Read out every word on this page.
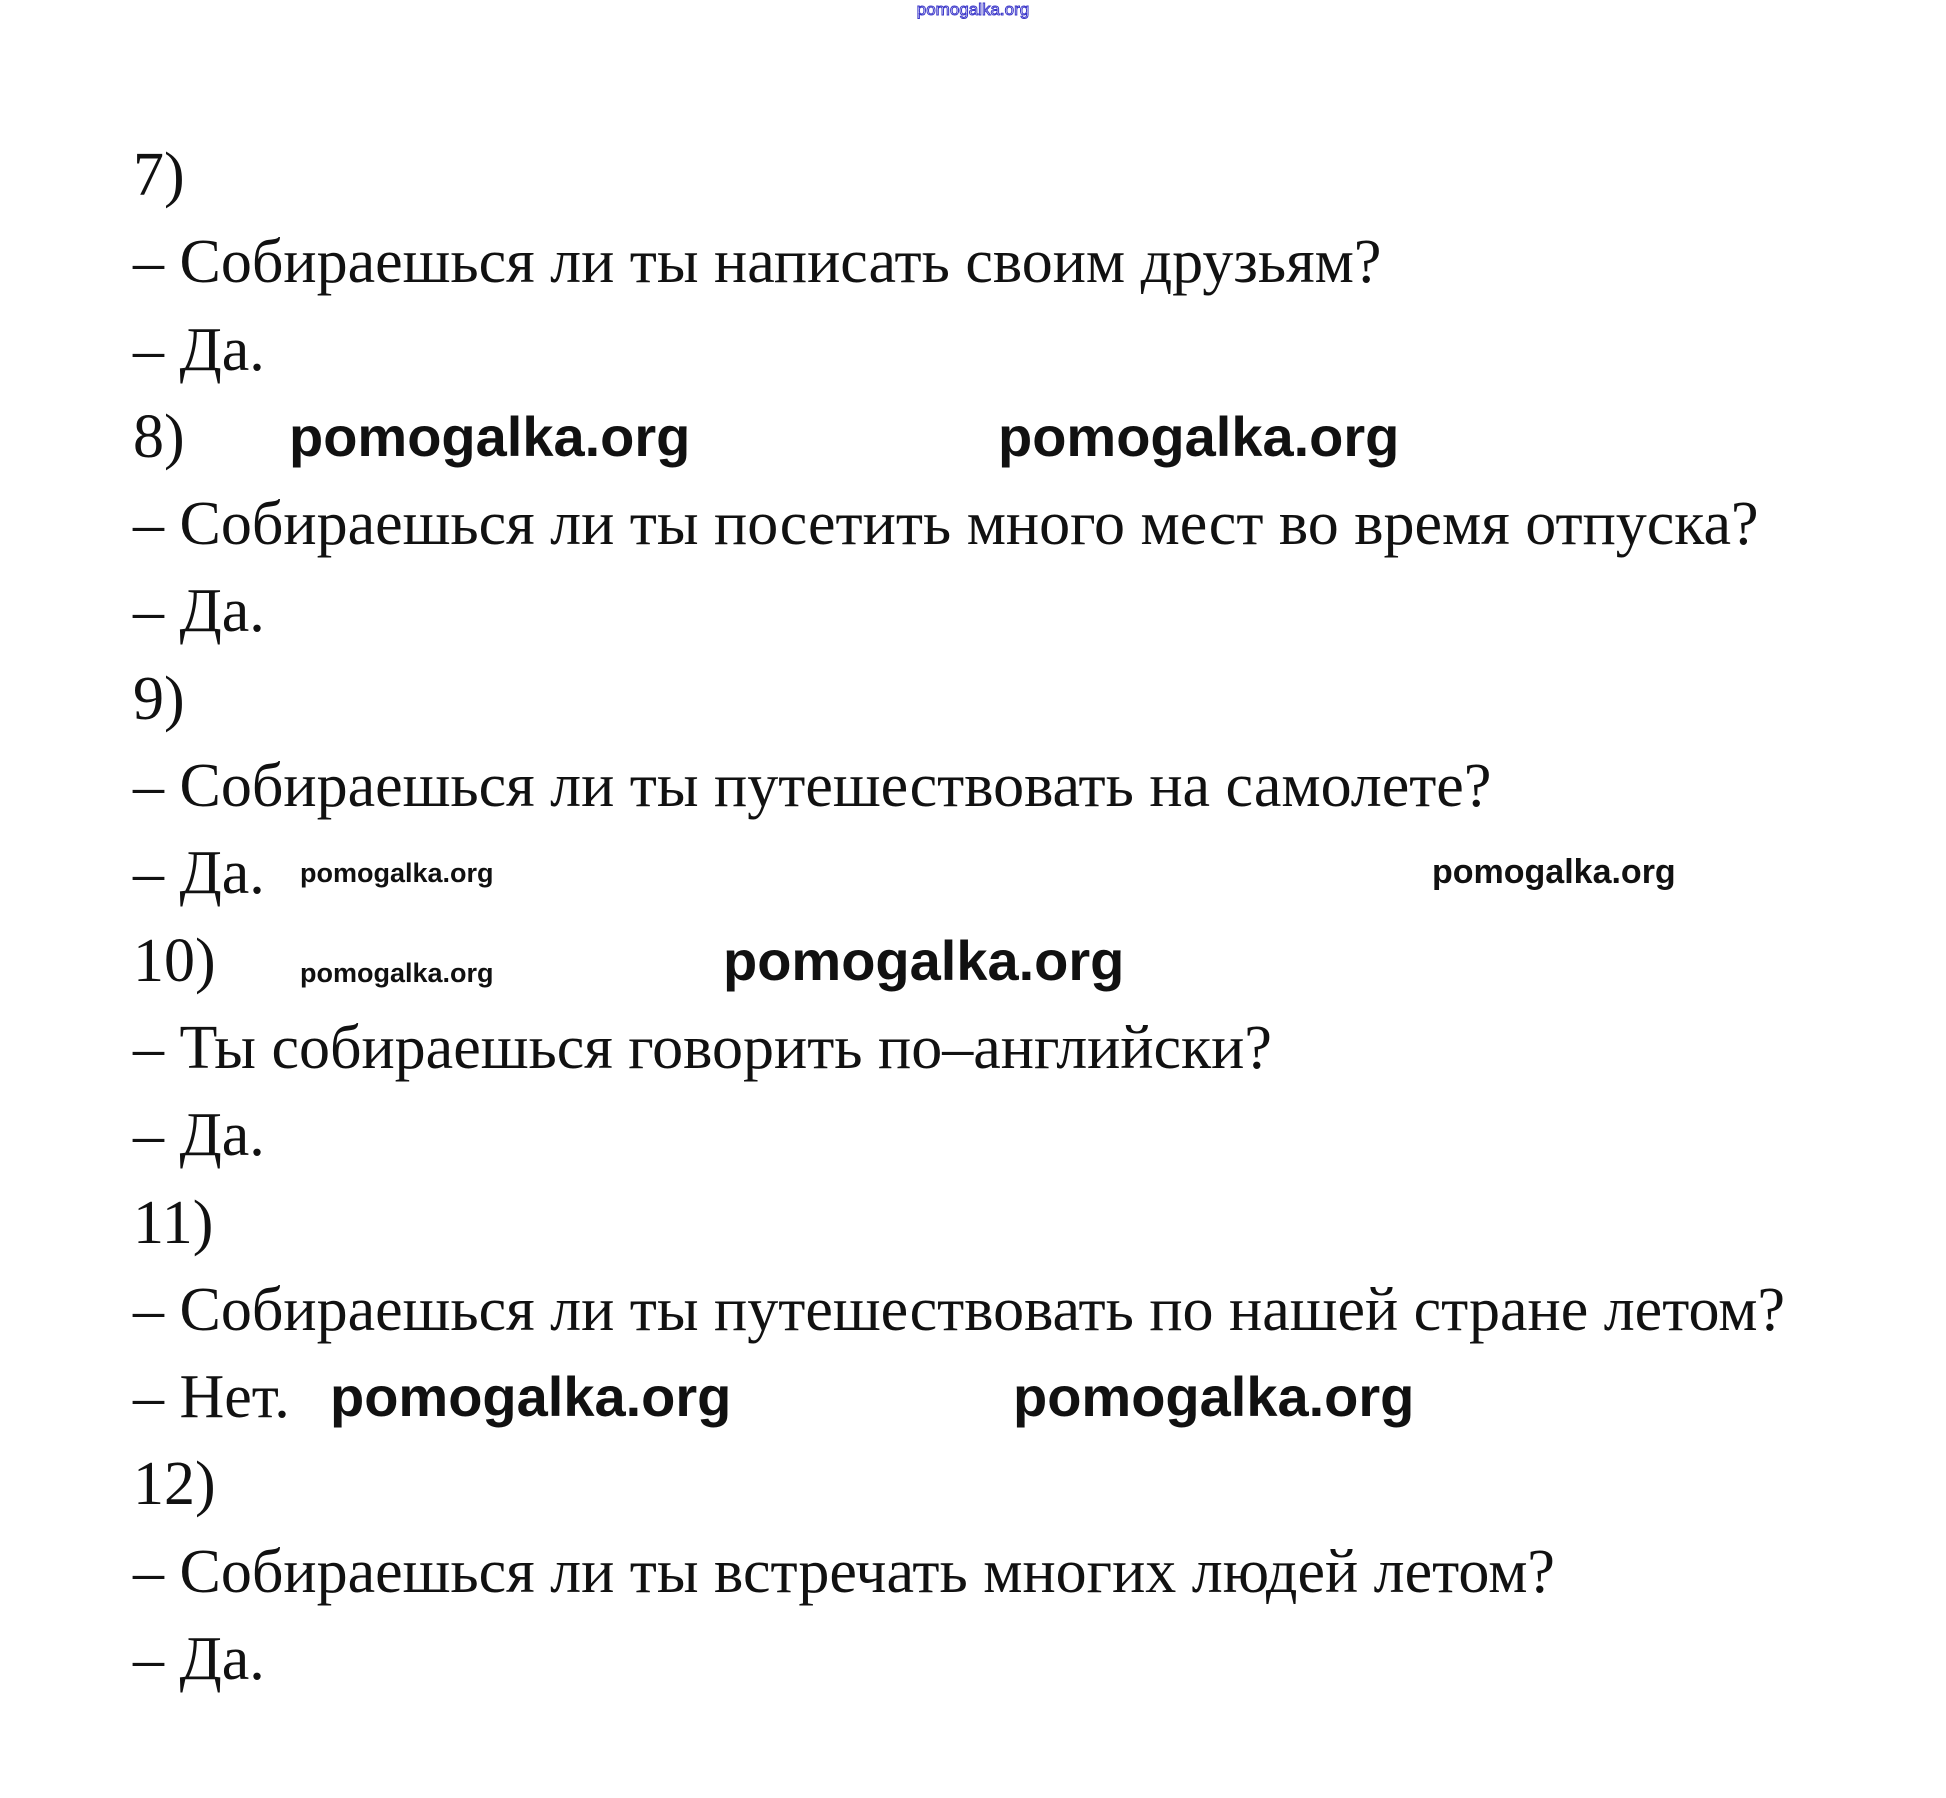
pomogalka.org
7)
– Собираешься ли ты написать своим друзьям?
– Да.
8)
– Собираешься ли ты посетить много мест во время отпуска?
– Да.
9)
– Собираешься ли ты путешествовать на самолете?
– Да.
10)
– Ты собираешься говорить по–английски?
– Да.
11)
– Собираешься ли ты путешествовать по нашей стране летом?
– Нет.
12)
– Собираешься ли ты встречать многих людей летом?
– Да.
pomogalka.org	pomogalka.org
pomogalka.org	pomogalka.org
pomogalka.org
pomogalka.org
pomogalka.org	pomogalka.org
